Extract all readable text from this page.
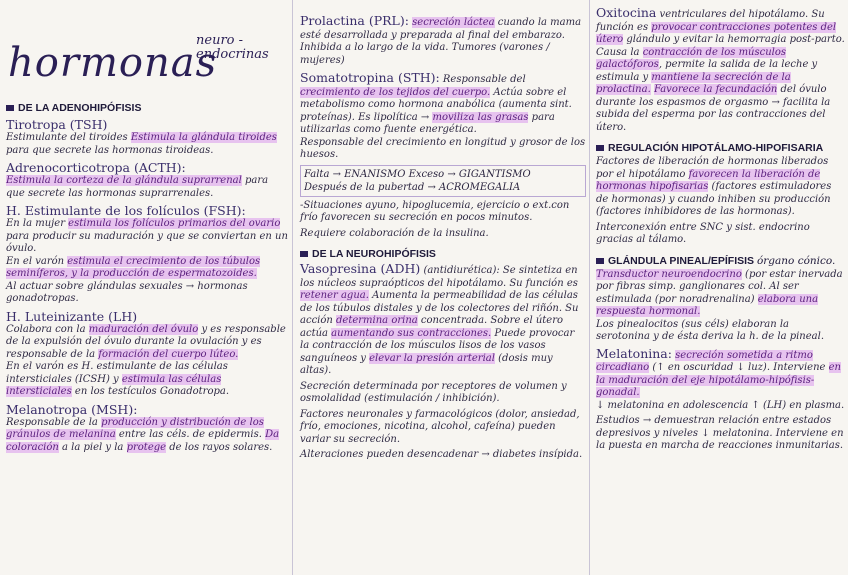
hormonas
neuro - endocrinas
DE LA ADENOHIPÓFISIS
Tirotropa (TSH)
Estimulante del tiroides Estimula la glándula tiroides para que secrete las hormonas tiroideas.
Adrenocorticotropa (ACTH):
Estimula la corteza de la glándula suprarrenal para que secrete las hormonas suprarrenales.
H. Estimulante de los folículos (FSH):
En la mujer estimula los folículos primarios del ovario para producir su maduración y que se conviertan en un óvulo.
En el varón estimula el crecimiento de los túbulos seminíferos, y la producción de espermatozoides.
Al actuar sobre glándulas sexuales → hormonas gonadotropas.
H. Luteinizante (LH)
Colabora con la maduración del óvulo y es responsable de la expulsión del óvulo durante la ovulación y es responsable de la formación del cuerpo lúteo.
En el varón es H. estimulante de las células intersticiales (ICSH) y estimula las células intersticiales en los testículos Gonadotropa.
Melanotropa (MSH):
Responsable de la producción y distribución de los gránulos de melanina entre las céls. de epidermis. Da coloración a la piel y la protege de los rayos solares.
Prolactina (PRL): secreción láctea cuando la mama esté desarrollada y preparada al final del embarazo.
Inhibida a lo largo de la vida. Tumores (varones / mujeres)
Somatotropina (STH): Responsable del crecimiento de los tejidos del cuerpo. Actúa sobre el metabolismo como hormona anabólica (aumenta sint. proteínas). Es lipolítica → moviliza las grasas para utilizarlas como fuente energética.
Responsable del crecimiento en longitud y grosor de los huesos.
Falta → ENANISMO Exceso → GIGANTISMO
Después de la pubertad → ACROMEGALIA
-Situaciones ayuno, hipoglucemia, ejercicio o ext.con frío favorecen su secreción en pocos minutos.
Requiere colaboración de la insulina.
DE LA NEUROHIPÓFISIS
Vasopresina (ADH) (antidiurética): Se sintetiza en los núcleos supraópticos del hipotálamo. Su función es retener agua. Aumenta la permeabilidad de las células de los túbulos distales y de los colectores del riñón. Su acción determina orina concentrada. Sobre el útero actúa aumentando sus contracciones. Puede provocar la contracción de los músculos lisos de los vasos sanguíneos y elevar la presión arterial (dosis muy altas).
Secreción determinada por receptores de volumen y osmolalidad (estimulación / inhibición).
Factores neuronales y farmacológicos (dolor, ansiedad, frío, emociones, nicotina, alcohol, cafeína) pueden variar su secreción.
Alteraciones pueden desencadenar → diabetes insípida.
Oxitocina ventriculares del hipotálamo. Su función es provocar contracciones potentes del útero glándulo y evitar la hemorragia post-parto. Causa la contracción de los músculos galactóforos, permite la salida de la leche y estimula y mantiene la secreción de la prolactina. Favorece la fecundación del óvulo durante los espasmos de orgasmo → facilita la subida del esperma por las contracciones del útero.
REGULACIÓN HIPOTÁLAMO-HIPOFISARIA
Factores de liberación de hormonas liberados por el hipotálamo favorecen la liberación de hormonas hipofisarias (factores estimuladores de hormonas) y cuando inhiben su producción (factores inhibidores de las hormonas).
Interconexión entre SNC y sist. endocrino gracias al tálamo.
GLÁNDULA PINEAL/EPÍFISIS órgano cónico.
Transductor neuroendocrino (por estar inervada por fibras simp. ganglionares col. Al ser estimulada (por noradrenalina) elabora una respuesta hormonal.
Los pinealocitos (sus céls) elaboran la serotonina y de ésta deriva la h. de la pineal.
Melatonina: secreción sometida a ritmo circadiano (↑ en oscuridad ↓ luz). Interviene en la maduración del eje hipotálamo-hipófisis-gonadal.
↓ melatonina en adolescencia ↑ (LH) en plasma.
Estudios → demuestran relación entre estados depresivos y niveles ↓ melatonina. Interviene en la puesta en marcha de reacciones inmunitarias.
